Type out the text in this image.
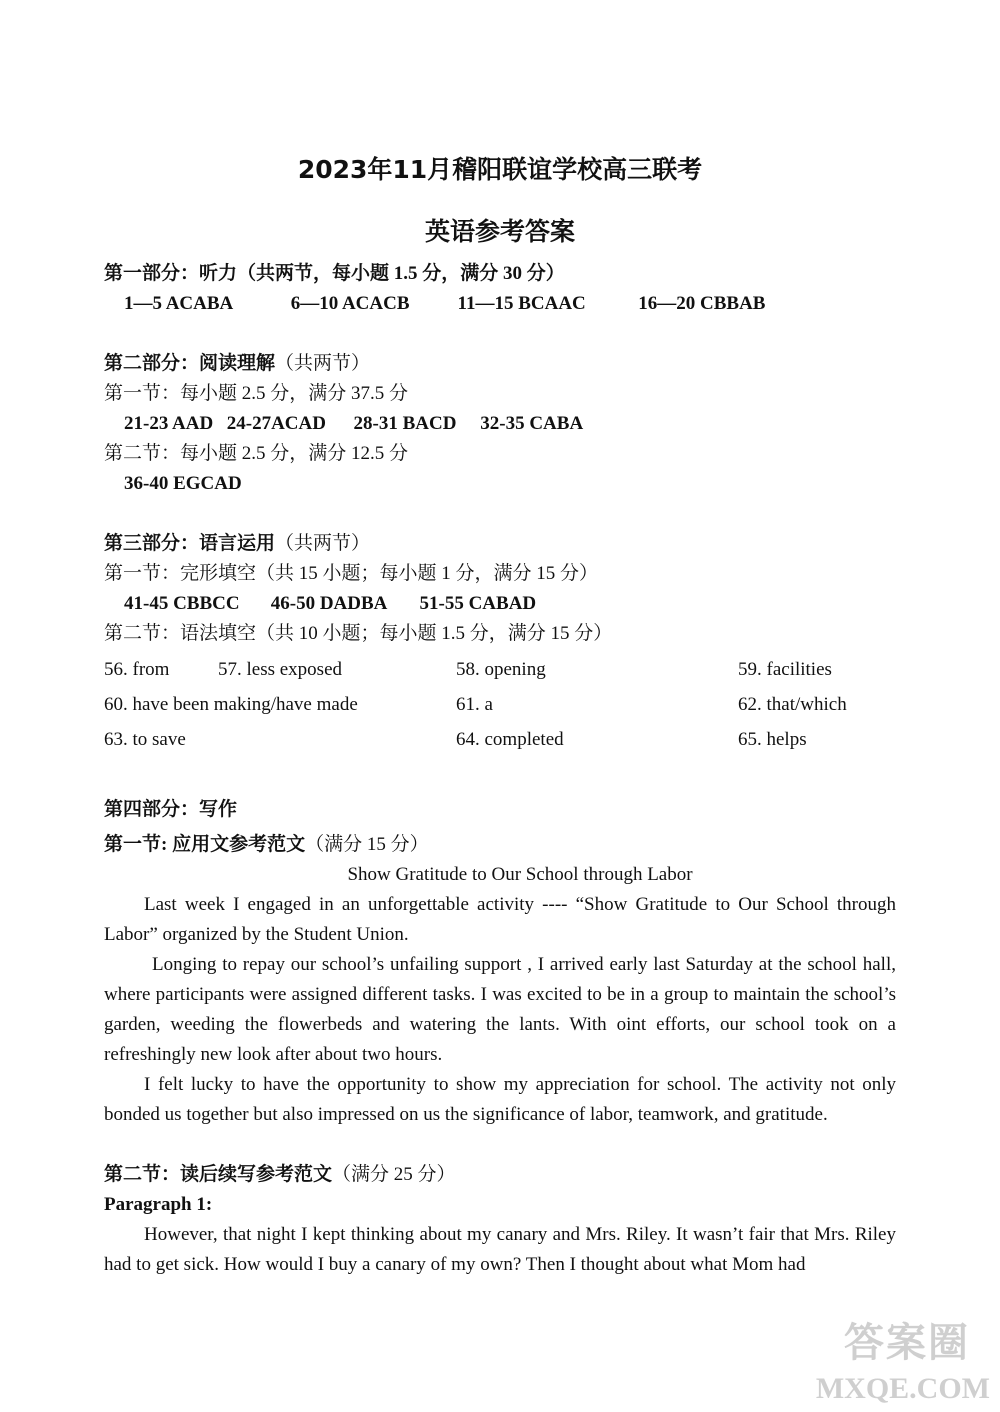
2023年11月稽阳联谊学校高三联考
英语参考答案
第一部分：听力（共两节，每小题 1.5 分，满分 30 分）
1—5 ACABA	6—10 ACACB	11—15 BCAAC	16—20 CBBAB
第二部分：阅读理解（共两节）
第一节：每小题 2.5 分，满分 37.5 分
21-23 AAD 24-27ACAD 28-31 BACD 32-35 CABA
第二节：每小题 2.5 分，满分 12.5 分
36-40 EGCAD
第三部分：语言运用（共两节）
第一节：完形填空（共 15 小题；每小题 1 分，满分 15 分）
41-45 CBBCC 46-50 DADBA 51-55 CABAD
第二节：语法填空（共 10 小题；每小题 1.5 分，满分 15 分）
56. from	57. less exposed	58. opening	59. facilities
60. have been making/have made	61. a	62. that/which
63. to save	64. completed	65. helps
第四部分：写作
第一节: 应用文参考范文（满分 15 分）
Show Gratitude to Our School through Labor
Last week I engaged in an unforgettable activity ---- “Show Gratitude to Our School through Labor” organized by the Student Union.
Longing to repay our school’s unfailing support , I arrived early last Saturday at the school hall, where participants were assigned different tasks. I was excited to be in a group to maintain the school’s garden, weeding the flowerbeds and watering the lants. With oint efforts, our school took on a refreshingly new look after about two hours.
I felt lucky to have the opportunity to show my appreciation for school. The activity not only bonded us together but also impressed on us the significance of labor, teamwork, and gratitude.
第二节：读后续写参考范文（满分 25 分）
Paragraph 1:
However, that night I kept thinking about my canary and Mrs. Riley. It wasn’t fair that Mrs. Riley had to get sick. How would I buy a canary of my own? Then I thought about what Mom had
答案圈
MXQE.COM
